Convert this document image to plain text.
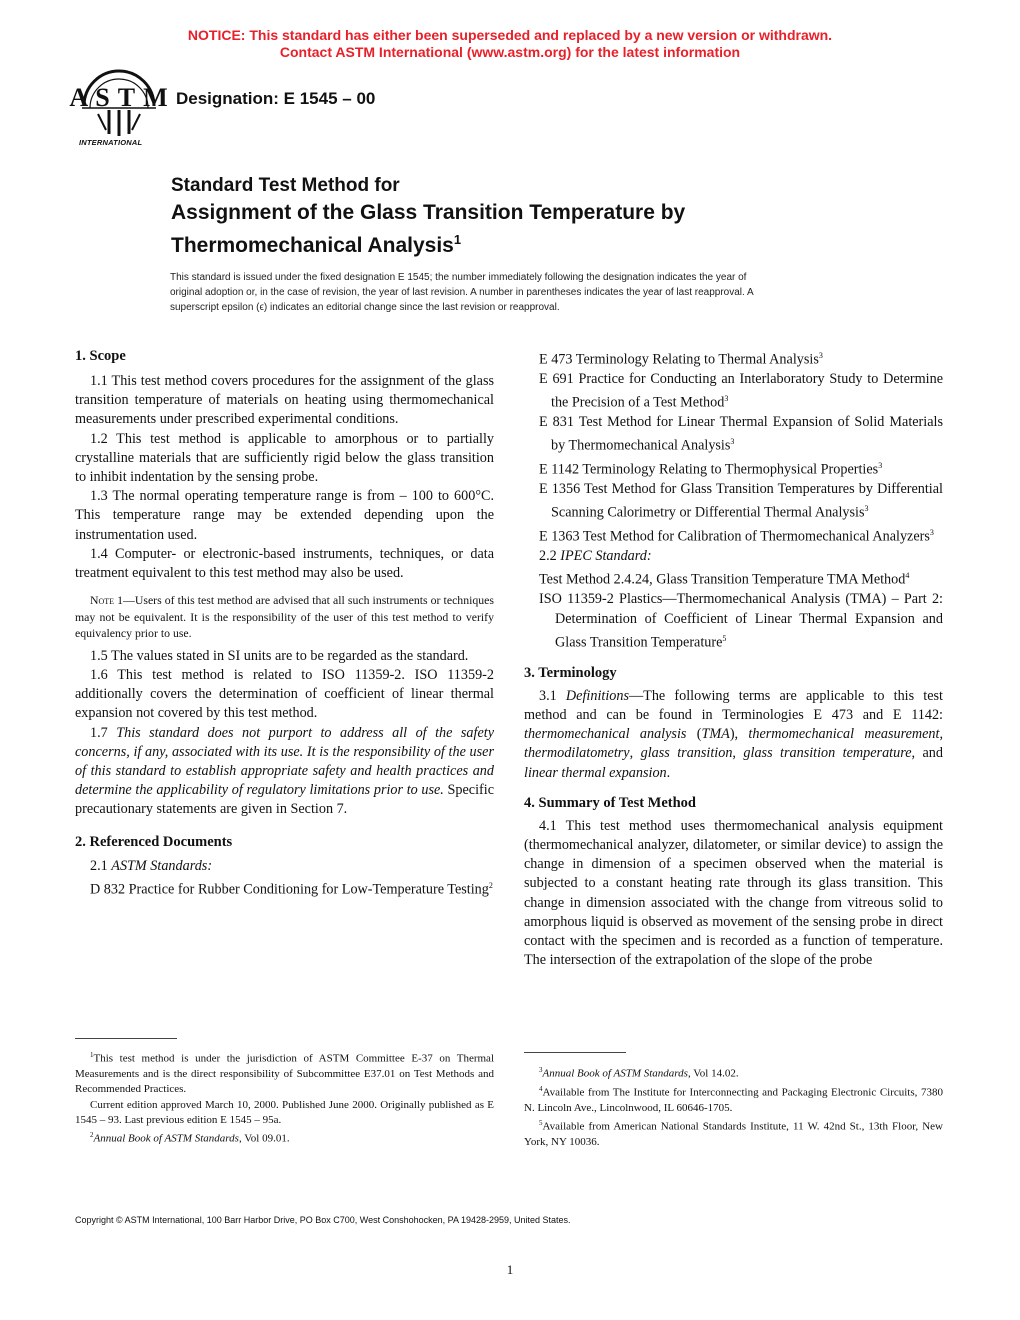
NOTICE: This standard has either been superseded and replaced by a new version or withdrawn.
Contact ASTM International (www.astm.org) for the latest information
A S T M
INTERNATIONAL
Designation: E 1545 – 00
Standard Test Method for
Assignment of the Glass Transition Temperature by
Thermomechanical Analysis$^1$
This standard is issued under the fixed designation E 1545; the number immediately following the designation indicates the year of
original adoption or, in the case of revision, the year of last revision. A number in parentheses indicates the year of last reapproval. A
superscript epsilon (ϵ) indicates an editorial change since the last revision or reapproval.
1. Scope

1.1 This test method covers procedures for the assignment of the glass transition temperature of materials on heating using thermomechanical measurements under prescribed experimental conditions.

1.2 This test method is applicable to amorphous or to partially crystalline materials that are sufficiently rigid below the glass transition to inhibit indentation by the sensing probe.

1.3 The normal operating temperature range is from – 100 to 600°C. This temperature range may be extended depending upon the instrumentation used.

1.4 Computer- or electronic-based instruments, techniques, or data treatment equivalent to this test method may also be used.

Note 1—Users of this test method are advised that all such instruments or techniques may not be equivalent. It is the responsibility of the user of this test method to verify equivalency prior to use.

1.5 The values stated in SI units are to be regarded as the standard.

1.6 This test method is related to ISO 11359-2. ISO 11359-2 additionally covers the determination of coefficient of linear thermal expansion not covered by this test method.

1.7 This standard does not purport to address all of the safety concerns, if any, associated with its use. It is the responsibility of the user of this standard to establish appropriate safety and health practices and determine the applicability of regulatory limitations prior to use. Specific precautionary statements are given in Section 7.

2. Referenced Documents

2.1 ASTM Standards:

D 832 Practice for Rubber Conditioning for Low-Temperature Testing$^2$

E 473 Terminology Relating to Thermal Analysis$^3$

E 691 Practice for Conducting an Interlaboratory Study to Determine the Precision of a Test Method$^3$

E 831 Test Method for Linear Thermal Expansion of Solid Materials by Thermomechanical Analysis$^3$

E 1142 Terminology Relating to Thermophysical Properties$^3$

E 1356 Test Method for Glass Transition Temperatures by Differential Scanning Calorimetry or Differential Thermal Analysis$^3$

E 1363 Test Method for Calibration of Thermomechanical Analyzers$^3$

2.2 IPEC Standard:

Test Method 2.4.24, Glass Transition Temperature TMA Method$^4$

ISO 11359-2 Plastics—Thermomechanical Analysis (TMA) – Part 2: Determination of Coefficient of Linear Thermal Expansion and Glass Transition Temperature$^5$

3. Terminology

3.1 Definitions—The following terms are applicable to this test method and can be found in Terminologies E 473 and E 1142: thermomechanical analysis (TMA), thermomechanical measurement, thermodilatometry, glass transition, glass transition temperature, and linear thermal expansion.

4. Summary of Test Method

4.1 This test method uses thermomechanical analysis equipment (thermomechanical analyzer, dilatometer, or similar device) to assign the change in dimension of a specimen observed when the material is subjected to a constant heating rate through its glass transition. This change in dimension associated with the change from vitreous solid to amorphous liquid is observed as movement of the sensing probe in direct contact with the specimen and is recorded as a function of temperature. The intersection of the extrapolation of the slope of the probe

$^1$This test method is under the jurisdiction of ASTM Committee E-37 on Thermal Measurements and is the direct responsibility of Subcommittee E37.01 on Test Methods and Recommended Practices.

Current edition approved March 10, 2000. Published June 2000. Originally published as E 1545 – 93. Last previous edition E 1545 – 95a.

$^2$Annual Book of ASTM Standards, Vol 09.01.

$^3$Annual Book of ASTM Standards, Vol 14.02.

$^4$Available from The Institute for Interconnecting and Packaging Electronic Circuits, 7380 N. Lincoln Ave., Lincolnwood, IL 60646-1705.

$^5$Available from American National Standards Institute, 11 W. 42nd St., 13th Floor, New York, NY 10036.

Copyright © ASTM International, 100 Barr Harbor Drive, PO Box C700, West Conshohocken, PA 19428-2959, United States.
1
